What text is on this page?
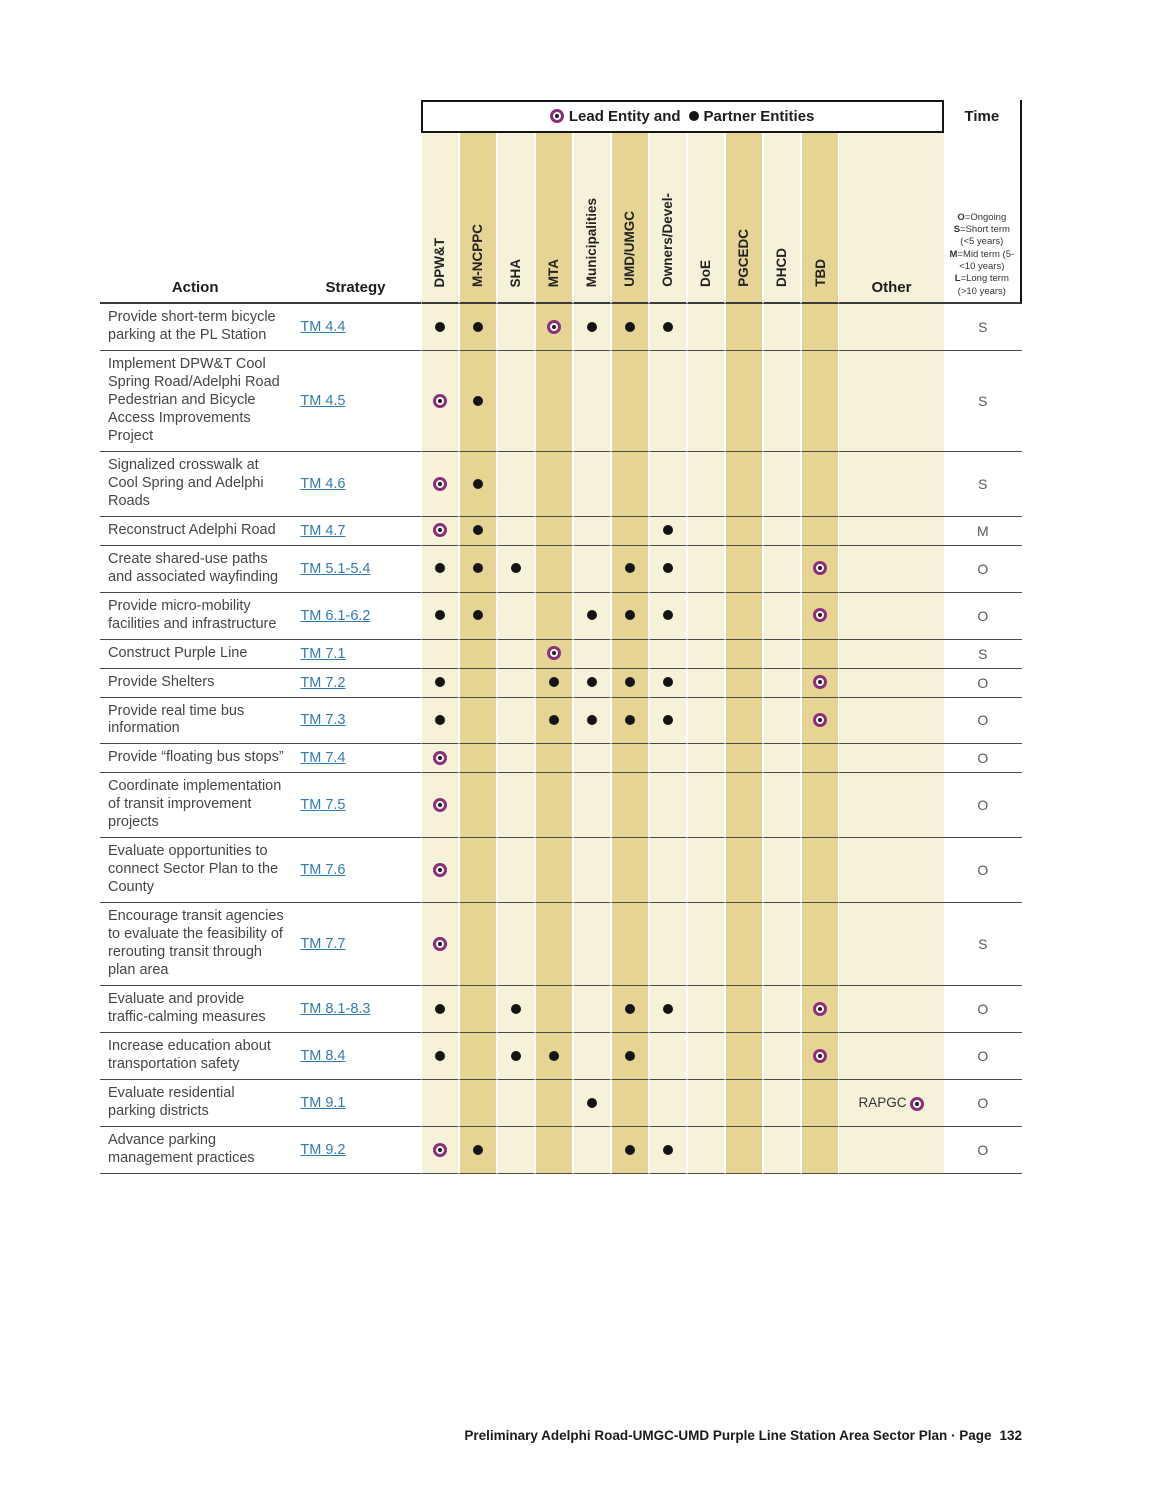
		Lead Entity and Partner Entities												Time
Action	Strategy	DPW&T	M-NCPPC	SHA	MTA	Municipalities	UMD/UMGC	Owners/Devel-	DoE	PGCEDC	DHCD	TBD	Other	O=Ongoing
S=Short term (<5 years)
M=Mid term (5-<10 years)
L=Long term (>10 years)

Provide short-term bicycle parking at the PL Station	TM 4.4													S
Implement DPW&T Cool Spring Road/Adelphi Road Pedestrian and Bicycle Access Improvements Project	TM 4.5													S
Signalized crosswalk at Cool Spring and Adelphi Roads	TM 4.6													S
Reconstruct Adelphi Road	TM 4.7													M
Create shared-use paths and associated wayfinding	TM 5.1-5.4													O
Provide micro-mobility facilities and infrastructure	TM 6.1-6.2													O
Construct Purple Line	TM 7.1													S
Provide Shelters	TM 7.2													O
Provide real time bus information	TM 7.3													O
Provide “floating bus stops”	TM 7.4													O
Coordinate implementation of transit improvement projects	TM 7.5													O
Evaluate opportunities to connect Sector Plan to the County	TM 7.6													O
Encourage transit agencies to evaluate the feasibility of rerouting transit through plan area	TM 7.7													S
Evaluate and provide traffic-calming measures	TM 8.1-8.3													O
Increase education about transportation safety	TM 8.4													O
Evaluate residential parking districts	TM 9.1												RAPGC	O
Advance parking management practices	TM 9.2													O
Preliminary Adelphi Road-UMGC-UMD Purple Line Station Area Sector Plan · Page 132
